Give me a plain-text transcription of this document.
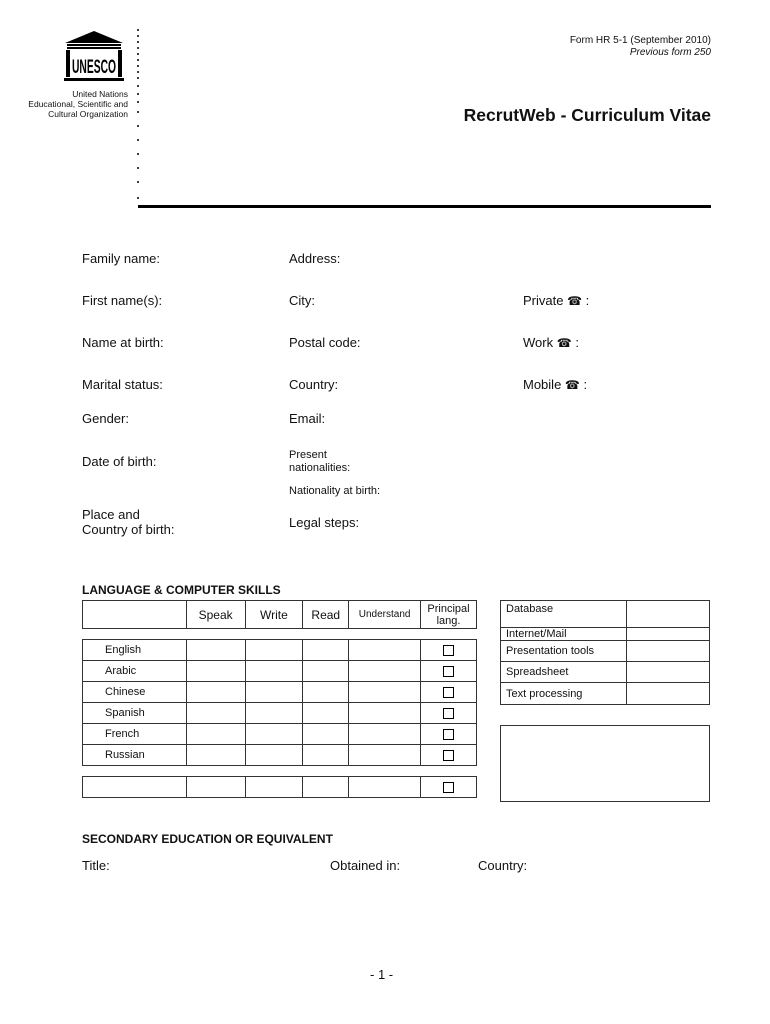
UNESCO
United Nations
Educational, Scientific and
Cultural Organization
Form HR 5-1 (September 2010)
Previous form 250
RecrutWeb - Curriculum Vitae
Family name:
First name(s):
Name at birth:
Marital status:
Gender:
Date of birth:
Place and
Country of birth:
Address:
City:
Postal code:
Country:
Email:
Present
nationalities:
Nationality at birth:
Legal steps:
Private ☎ :
Work ☎ :
Mobile ☎ :
LANGUAGE & COMPUTER SKILLS
	Speak	Write	Read	Understand	Principal
lang.

English					
Arabic					
Chinese					
Spanish					
French					
Russian					

Database	
Internet/Mail	
Presentation tools	
Spreadsheet	
Text processing	
SECONDARY EDUCATION OR EQUIVALENT
Title:	Obtained in:	Country:
- 1 -
